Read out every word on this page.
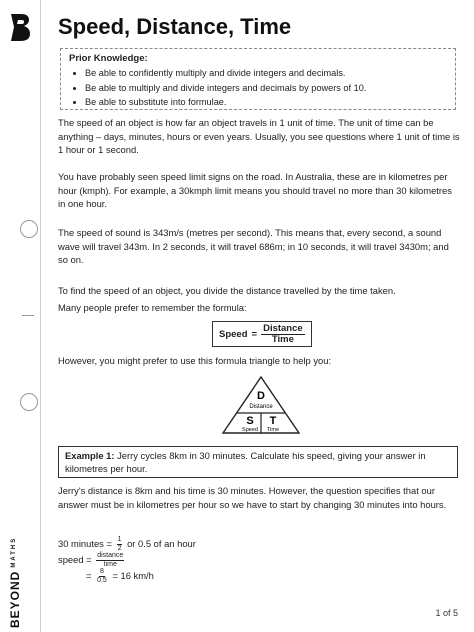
$BEYOND^{MATHS}$
Speed, Distance, Time

Prior Knowledge:

• Be able to confidently multiply and divide integers and decimals.
• Be able to multiply and divide integers and decimals by powers of 10.
• Be able to substitute into formulae.

The speed of an object is how far an object travels in 1 unit of time. The unit of time can be anything – days, minutes, hours or even years. Usually, you see questions where 1 unit of time is 1 hour or 1 second.

You have probably seen speed limit signs on the road. In Australia, these are in kilometres per hour (kmph). For example, a 30kmph limit means you should travel no more than 30 kilometres in one hour.

The speed of sound is 343m/s (metres per second). This means that, every second, a sound wave will travel 343m. In 2 seconds, it will travel 686m; in 10 seconds, it will travel 3430m; and so on.

To find the speed of an object, you divide the distance travelled by the time taken.

Many people prefer to remember the formula:

Speed = $\frac{\text{Distance}}{\text{Time}}$

However, you might prefer to use this formula triangle to help you:

D
Distance
S
Speed
T
Time
Example 1: Jerry cycles 8km in 30 minutes. Calculate his speed, giving your answer in kilometres per hour.

Jerry's distance is 8km and his time is 30 minutes. However, the question specifies that our answer must be in kilometres per hour so we have to start by changing 30 minutes into hours.

30 minutes = $\frac{1}{2}$ or 0.5 of an hour
speed = distance
time
= $\frac{8}{0.5} = 16$ km/h
1 of 5
